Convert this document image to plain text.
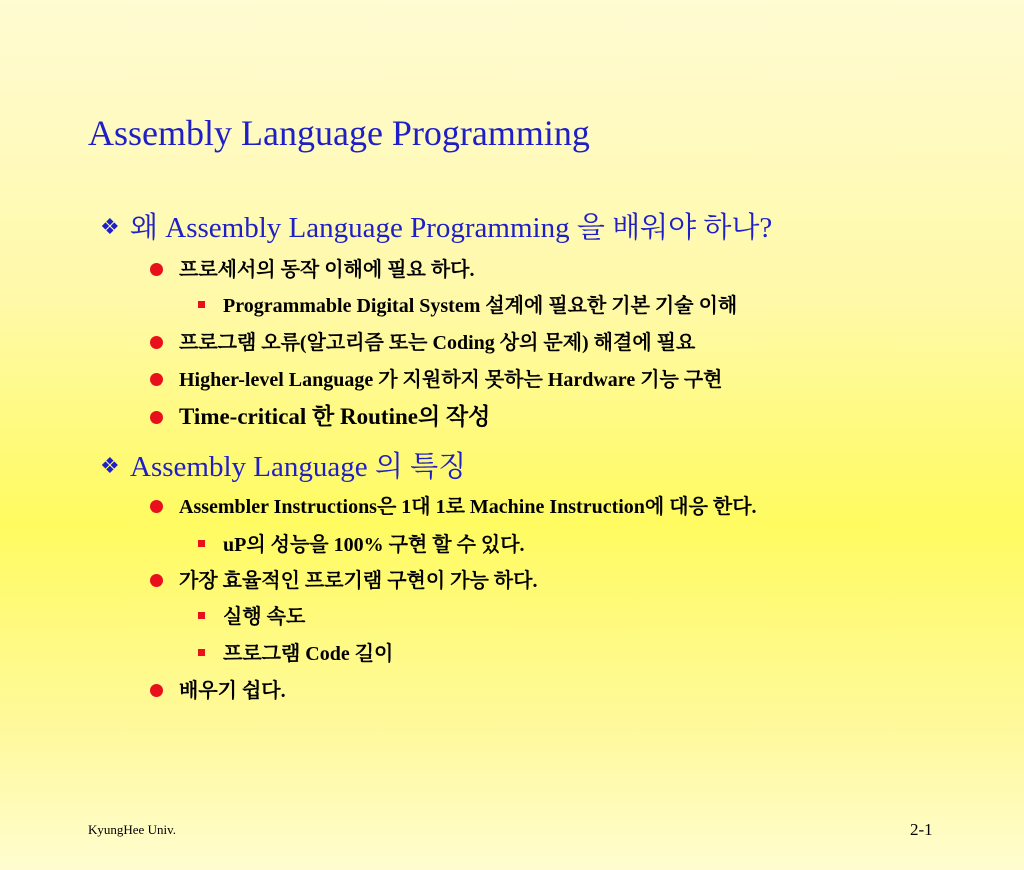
Assembly Language Programming
❖ 왜 Assembly Language Programming 을 배워야 하나?
프로세서의 동작 이해에 필요 하다.
Programmable Digital System 설계에 필요한 기본 기술 이해
프로그램 오류(알고리즘 또는 Coding 상의 문제) 해결에 필요
Higher-level Language 가 지원하지 못하는 Hardware 기능 구현
Time-critical 한 Routine의 작성
❖ Assembly Language 의 특징
Assembler Instructions은 1대 1로 Machine Instruction에 대응 한다.
uP의 성능을 100% 구현 할 수 있다.
가장 효율적인 프로기램 구현이 가능 하다.
실행 속도
프로그램 Code 길이
배우기 쉽다.
KyungHee Univ.	2-1
